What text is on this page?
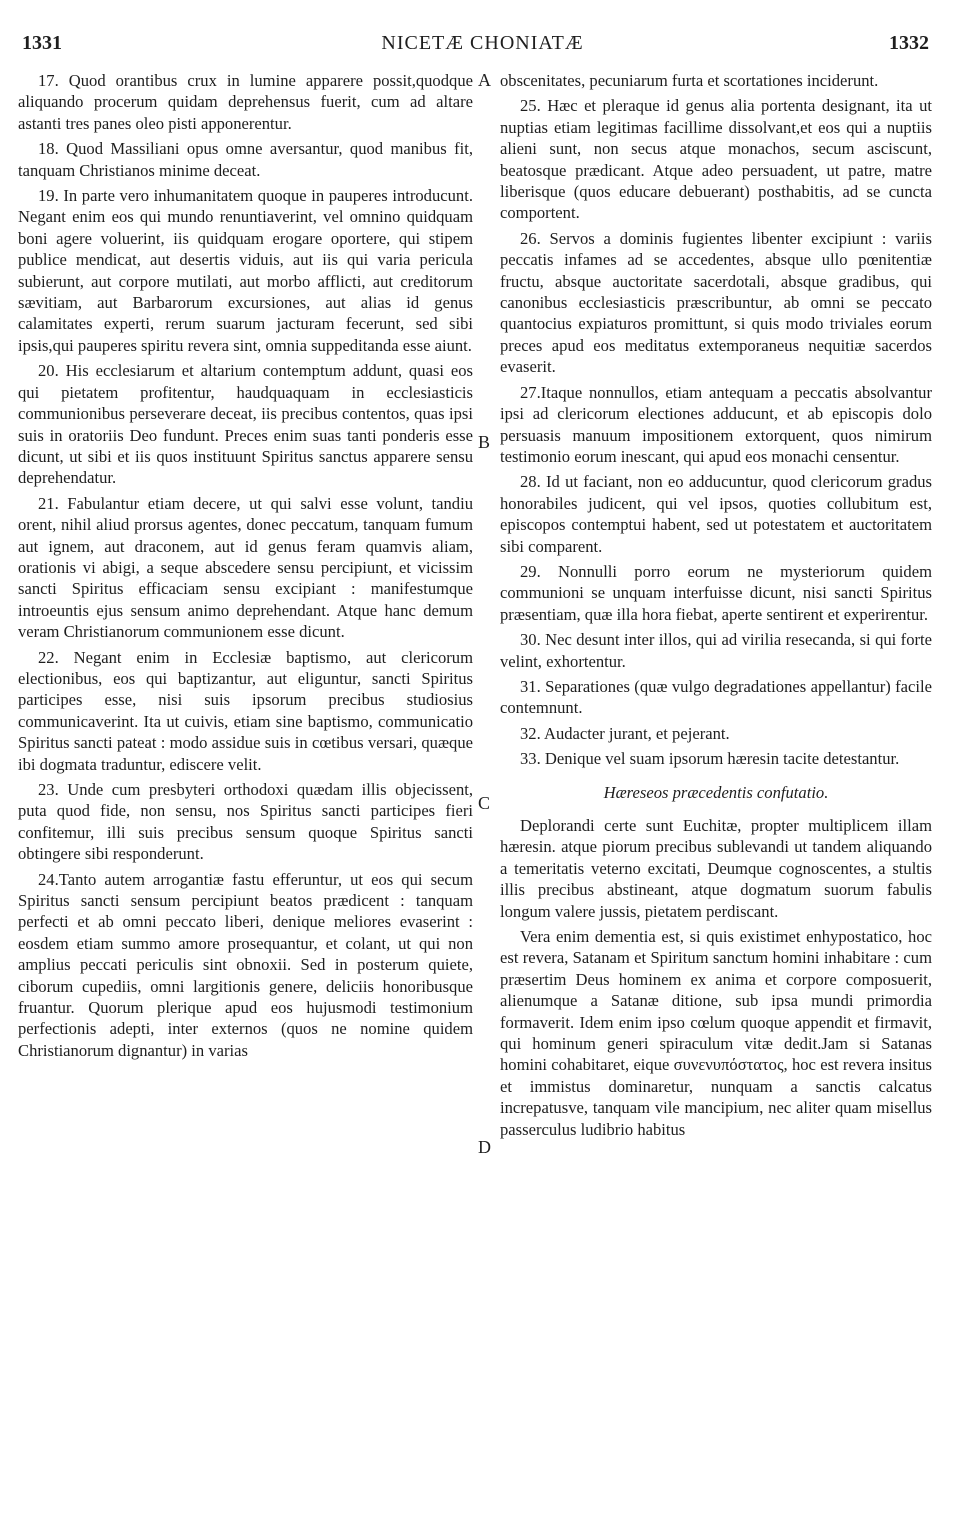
1331	NICETÆ CHONIATÆ	1332
A
B
C
D

17. Quod orantibus crux in lumine apparere possit,quodque aliquando procerum quidam deprehensus fuerit, cum ad altare astanti tres panes oleo pisti apponerentur.

18. Quod Massiliani opus omne aversantur, quod manibus fit, tanquam Christianos minime deceat.

19. In parte vero inhumanitatem quoque in pauperes introducunt. Negant enim eos qui mundo renuntiaverint, vel omnino quidquam boni agere voluerint, iis quidquam erogare oportere, qui stipem publice mendicat, aut desertis viduis, aut iis qui varia pericula subierunt, aut corpore mutilati, aut morbo afflicti, aut creditorum sævitiam, aut Barbarorum excursiones, aut alias id genus calamitates experti, rerum suarum jacturam fecerunt, sed sibi ipsis,qui pauperes spiritu revera sint, omnia suppeditanda esse aiunt.

20. His ecclesiarum et altarium contemptum addunt, quasi eos qui pietatem profitentur, haudquaquam in ecclesiasticis communionibus perseverare deceat, iis precibus contentos, quas ipsi suis in oratoriis Deo fundunt. Preces enim suas tanti ponderis esse dicunt, ut sibi et iis quos instituunt Spiritus sanctus apparere sensu deprehendatur.

21. Fabulantur etiam decere, ut qui salvi esse volunt, tandiu orent, nihil aliud prorsus agentes, donec peccatum, tanquam fumum aut ignem, aut draconem, aut id genus feram quamvis aliam, orationis vi abigi, a seque abscedere sensu percipiunt, et vicissim sancti Spiritus efficaciam sensu excipiant : manifestumque introeuntis ejus sensum animo deprehendant. Atque hanc demum veram Christianorum communionem esse dicunt.

22. Negant enim in Ecclesiæ baptismo, aut clericorum electionibus, eos qui baptizantur, aut eliguntur, sancti Spiritus participes esse, nisi suis ipsorum precibus studiosius communicaverint. Ita ut cuivis, etiam sine baptismo, communicatio Spiritus sancti pateat : modo assidue suis in cœtibus versari, quæque ibi dogmata traduntur, ediscere velit.

23. Unde cum presbyteri orthodoxi quædam illis objecissent, puta quod fide, non sensu, nos Spiritus sancti participes fieri confitemur, illi suis precibus sensum quoque Spiritus sancti obtingere sibi responderunt.

24.Tanto autem arrogantiæ fastu efferuntur, ut eos qui secum Spiritus sancti sensum percipiunt beatos prædicent : tanquam perfecti et ab omni peccato liberi, denique meliores evaserint : eosdem etiam summo amore prosequantur, et colant, ut qui non amplius peccati periculis sint obnoxii. Sed in posterum quiete, ciborum cupediis, omni largitionis genere, deliciis honoribusque fruantur. Quorum plerique apud eos hujusmodi testimonium perfectionis adepti, inter externos (quos ne nomine quidem Christianorum dignantur) in varias

obscenitates, pecuniarum furta et scortationes inciderunt.

25. Hæc et pleraque id genus alia portenta designant, ita ut nuptias etiam legitimas facillime dissolvant,et eos qui a nuptiis alieni sunt, non secus atque monachos, secum asciscunt, beatosque prædicant. Atque adeo persuadent, ut patre, matre liberisque (quos educare debuerant) posthabitis, ad se cuncta comportent.

26. Servos a dominis fugientes libenter excipiunt : variis peccatis infames ad se accedentes, absque ullo pœnitentiæ fructu, absque auctoritate sacerdotali, absque gradibus, qui canonibus ecclesiasticis præscribuntur, ab omni se peccato quantocius expiaturos promittunt, si quis modo triviales eorum preces apud eos meditatus extemporaneus nequitiæ sacerdos evaserit.

27.Itaque nonnullos, etiam antequam a peccatis absolvantur ipsi ad clericorum electiones adducunt, et ab episcopis dolo persuasis manuum impositionem extorquent, quos nimirum testimonio eorum inescant, qui apud eos monachi censentur.

28. Id ut faciant, non eo adducuntur, quod clericorum gradus honorabiles judicent, qui vel ipsos, quoties collubitum est, episcopos contemptui habent, sed ut potestatem et auctoritatem sibi comparent.

29. Nonnulli porro eorum ne mysteriorum quidem communioni se unquam interfuisse dicunt, nisi sancti Spiritus præsentiam, quæ illa hora fiebat, aperte sentirent et experirentur.

30. Nec desunt inter illos, qui ad virilia resecanda, si qui forte velint, exhortentur.

31. Separationes (quæ vulgo degradationes appellantur) facile contemnunt.

32. Audacter jurant, et pejerant.

33. Denique vel suam ipsorum hæresin tacite detestantur.

Hæreseos præcedentis confutatio.

Deplorandi certe sunt Euchitæ, propter multiplicem illam hæresin. atque piorum precibus sublevandi ut tandem aliquando a temeritatis veterno excitati, Deumque cognoscentes, a stultis illis precibus abstineant, atque dogmatum suorum fabulis longum valere jussis, pietatem perdiscant.

Vera enim dementia est, si quis existimet enhypostatico, hoc est revera, Satanam et Spiritum sanctum homini inhabitare : cum præsertim Deus hominem ex anima et corpore composuerit, alienumque a Satanæ ditione, sub ipsa mundi primordia formaverit. Idem enim ipso cœlum quoque appendit et firmavit, qui hominum generi spiraculum vitæ dedit.Jam si Satanas homini cohabitaret, eique συνενυπόστατος, hoc est revera insitus et immistus dominaretur, nunquam a sanctis calcatus increpatusve, tanquam vile mancipium, nec aliter quam misellus passerculus ludibrio habitus
